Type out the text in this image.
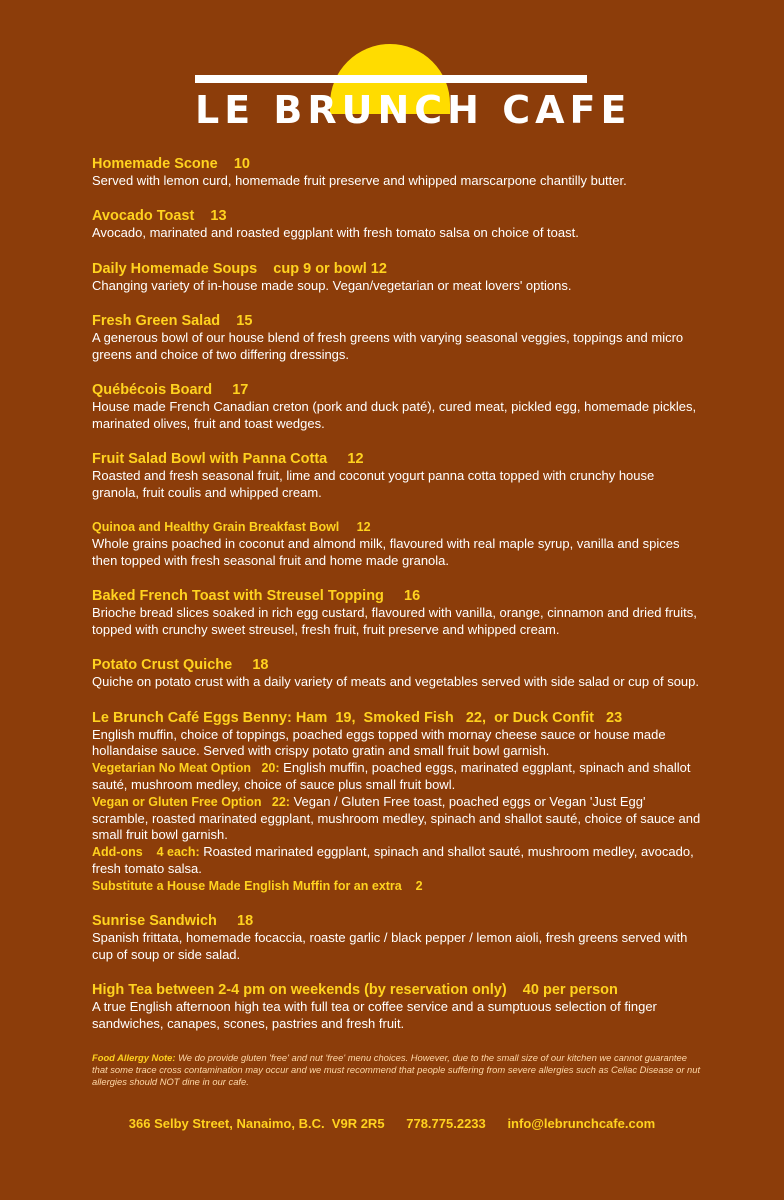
LE BRUNCH CAFE
Homemade Scone    10
Served with lemon curd, homemade fruit preserve and whipped marscarpone chantilly butter.
Avocado Toast    13
Avocado, marinated and roasted eggplant with fresh tomato salsa on choice of toast.
Daily Homemade Soups    cup 9 or bowl 12
Changing variety of in-house made soup. Vegan/vegetarian or meat lovers' options.
Fresh Green Salad    15
A generous bowl of our house blend of fresh greens with varying seasonal veggies, toppings and micro greens and choice of two differing dressings.
Québécois Board     17
House made French Canadian creton (pork and duck paté), cured meat, pickled egg, homemade pickles, marinated olives, fruit and toast wedges.
Fruit Salad Bowl with Panna Cotta     12
Roasted and fresh seasonal fruit, lime and coconut yogurt panna cotta topped with crunchy house granola, fruit coulis and whipped cream.
Quinoa and Healthy Grain Breakfast Bowl     12
Whole grains poached in coconut and almond milk, flavoured with real maple syrup, vanilla and spices then topped with fresh seasonal fruit and home made granola.
Baked French Toast with Streusel Topping     16
Brioche bread slices soaked in rich egg custard, flavoured with vanilla, orange, cinnamon and dried fruits, topped with crunchy sweet streusel, fresh fruit, fruit preserve and whipped cream.
Potato Crust Quiche     18
Quiche on potato crust with a daily variety of meats and vegetables served with side salad or cup of soup.
Le Brunch Café Eggs Benny: Ham  19,  Smoked Fish   22,  or Duck Confit   23
English muffin, choice of toppings, poached eggs topped with mornay cheese sauce or house made hollandaise sauce. Served with crispy potato gratin and small fruit bowl garnish.
Vegetarian No Meat Option   20: English muffin, poached eggs, marinated eggplant, spinach and shallot sauté, mushroom medley, choice of sauce plus small fruit bowl.
Vegan or Gluten Free Option   22: Vegan / Gluten Free toast, poached eggs or Vegan 'Just Egg' scramble, roasted marinated eggplant, mushroom medley, spinach and shallot sauté, choice of sauce and small fruit bowl garnish.
Add-ons    4 each: Roasted marinated eggplant, spinach and shallot sauté, mushroom medley, avocado, fresh tomato salsa.
Substitute a House Made English Muffin for an extra    2
Sunrise Sandwich     18
Spanish frittata, homemade focaccia, roaste garlic / black pepper / lemon aioli, fresh greens served with cup of soup or side salad.
High Tea between 2-4 pm on weekends (by reservation only)    40 per person
A true English afternoon high tea with full tea or coffee service and a sumptuous selection of finger sandwiches, canapes, scones, pastries and fresh fruit.
Food Allergy Note: We do provide gluten 'free' and nut 'free' menu choices. However, due to the small size of our kitchen we cannot guarantee that some trace cross contamination may occur and we must recommend that people suffering from severe allergies such as Celiac Disease or nut allergies should NOT dine in our cafe.
366 Selby Street, Nanaimo, B.C.  V9R 2R5 778.775.2233 info@lebrunchcafe.com
